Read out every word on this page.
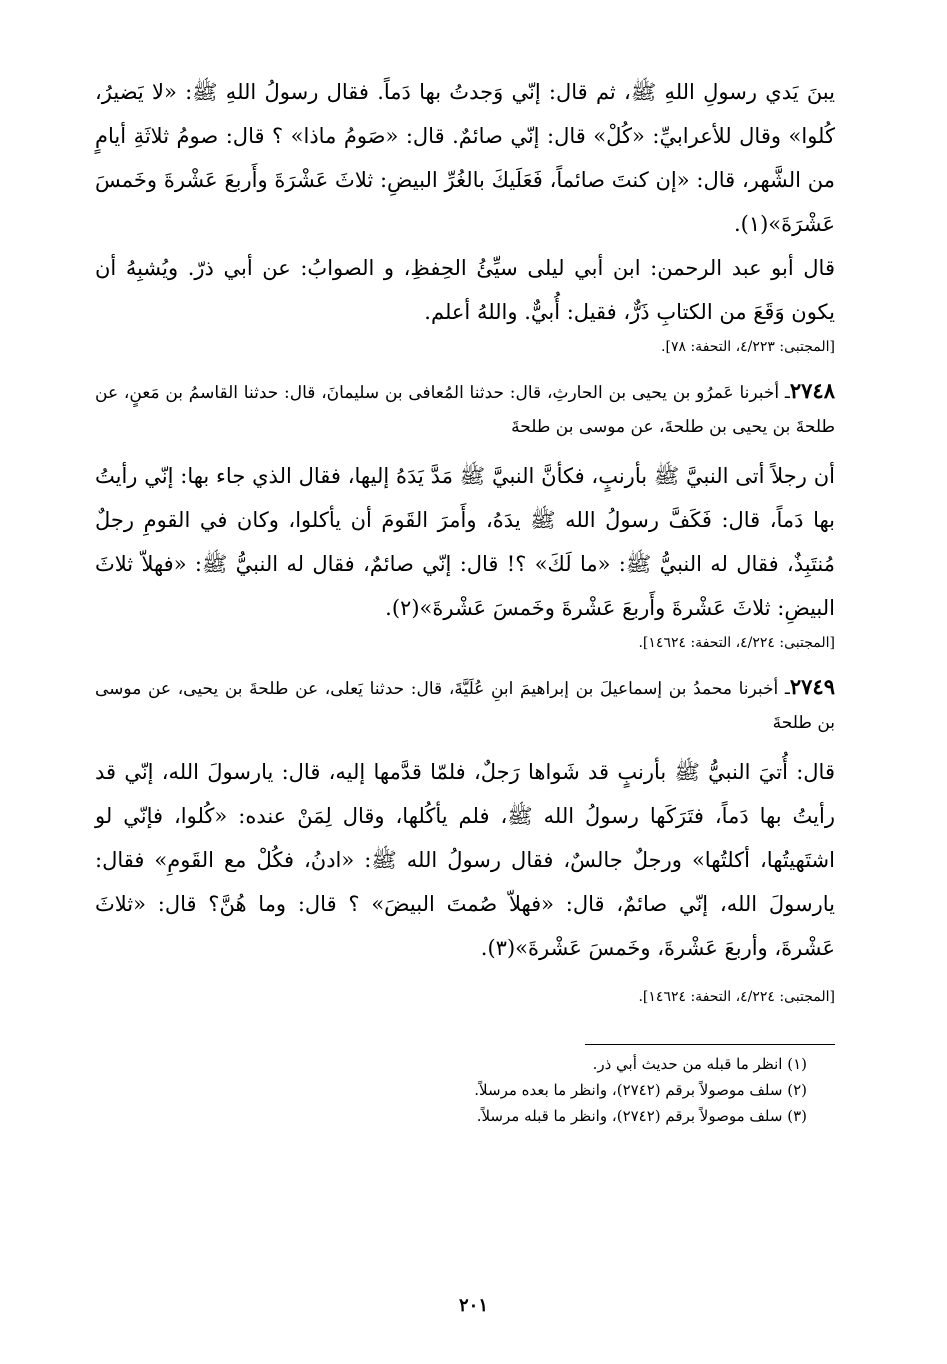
يبنَ يَدي رسولِ اللهِ ﷺ، ثم قال: إنّي وَجدتُ بها دَماً. فقال رسولُ اللهِ ﷺ: «لا يَضيرُ، كُلوا» وقال للأعرابيِّ: «كُلْ» قال: إنّي صائمٌ. قال: «صَومُ ماذا» ؟ قال: صومُ ثلاثَةِ أيامٍ من الشَّهر، قال: «إن كنتَ صائماً، فَعَلَيكَ بالغُرِّ البيضِ: ثلاثَ عَشْرَةَ وأَربعَ عَشْرةَ وخَمسَ عَشْرَةَ»(١).

قال أبو عبد الرحمن: ابن أبي ليلى سيِّئُ الحِفظِ، و الصوابُ: عن أبي ذرّ. ويُشبِهُ أن يكون وَقَعَ من الكتابِ ذَرٌّ، فقيل: أُبيٌّ. واللهُ أعلم.

[المجتبى: ٤/٢٢٣، التحفة: ٧٨].

٢٧٤٨ـ أخبرنا عَمرُو بن يحيى بن الحارثِ، قال: حدثنا المُعافى بن سليمانَ، قال: حدثنا القاسمُ بن مَعنٍ، عن طلحةَ بن يحيى بن طلحةَ، عن موسى بن طلحةَ

أن رجلاً أتى النبيَّ ﷺ بأرنبٍ، فكأنَّ النبيَّ ﷺ مَدَّ يَدَهُ إليها، فقال الذي جاء بها: إنّي رأيتُ بها دَماً، قال: فَكَفَّ رسولُ الله ﷺ يدَهُ، وأَمرَ القَومَ أن يأكلوا، وكان في القومِ رجلٌ مُنتَبِذٌ، فقال له النبيُّ ﷺ: «ما لَكَ» ؟! قال: إنّي صائمٌ، فقال له النبيُّ ﷺ: «فهلاّ ثلاثَ البيضِ: ثلاثَ عَشْرةَ وأَربعَ عَشْرةَ وخَمسَ عَشْرةَ»(٢).

[المجتبى: ٤/٢٢٤، التحفة: ١٤٦٢٤].

٢٧٤٩ـ أخبرنا محمدُ بن إسماعيلَ بن إبراهيمَ ابنِ عُلَيَّةَ، قال: حدثنا يَعلى، عن طلحةَ بن يحيى، عن موسى بن طلحةَ

قال: أُتيَ النبيُّ ﷺ بأرنبٍ قد شَواها رَجلٌ، فلمّا قدَّمها إليه، قال: يارسولَ الله، إنّي قد رأيتُ بها دَماً، فتَرَكَها رسولُ الله ﷺ، فلم يأكُلها، وقال لِمَنْ عنده: «كُلوا، فإنّي لو اشتَهيتُها، أكلتُها» ورجلٌ جالسٌ، فقال رسولُ الله ﷺ: «ادنُ، فكُلْ مع القَومِ» فقال: يارسولَ الله، إنّي صائمٌ، قال: «فهلاّ صُمتَ البيضَ» ؟ قال: وما هُنَّ؟ قال: «ثلاثَ عَشْرةَ، وأربعَ عَشْرةَ، وخَمسَ عَشْرةَ»(٣).

[المجتبى: ٤/٢٢٤، التحفة: ١٤٦٢٤].

(١) انظر ما قبله من حديث أبي ذر.
(٢) سلف موصولاً برقم (٢٧٤٢)، وانظر ما بعده مرسلاً.
(٣) سلف موصولاً برقم (٢٧٤٢)، وانظر ما قبله مرسلاً.
٢٠١
